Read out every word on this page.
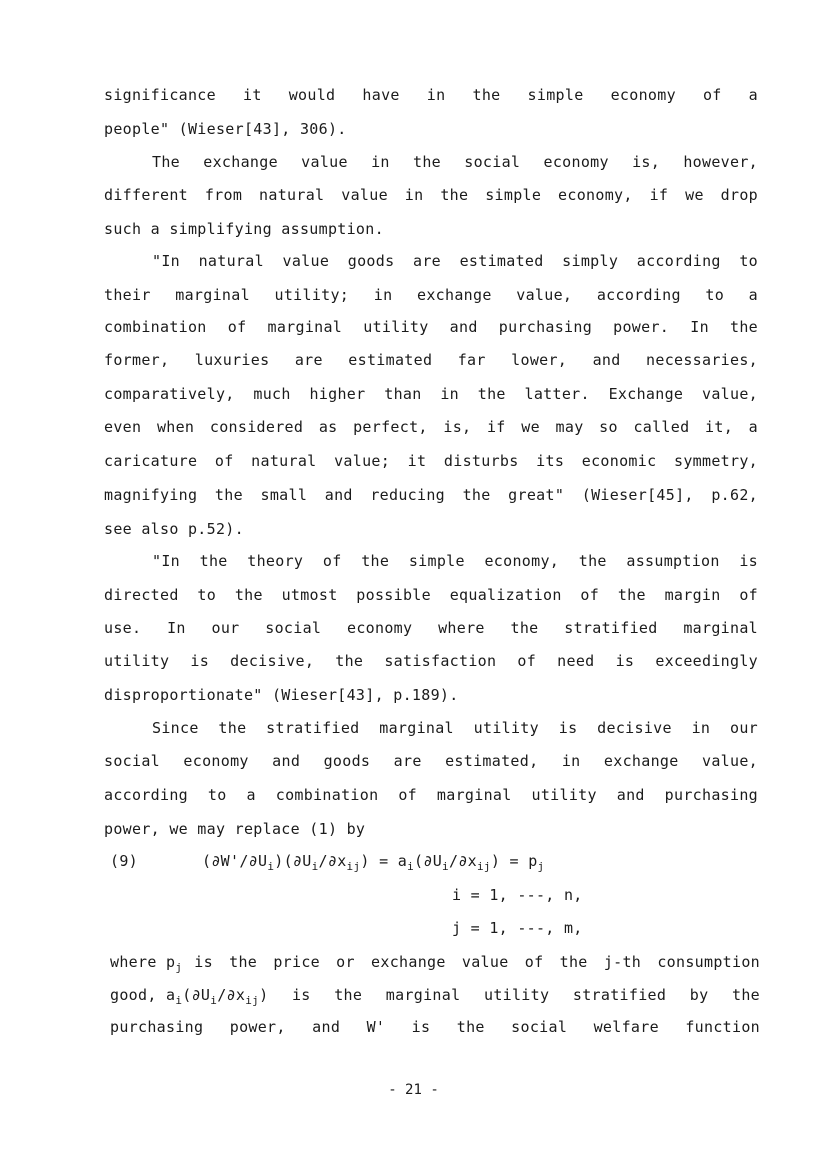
significance it would have in the simple economy of a
people" (Wieser[43], 306).
The exchange value in the social economy is, however,
different from natural value in the simple economy, if we drop
such a simplifying assumption.
"In natural value goods are estimated simply according to
their marginal utility; in exchange value, according to a
combination of marginal utility and purchasing power. In the
former, luxuries are estimated far lower, and necessaries,
comparatively, much higher than in the latter. Exchange value,
even when considered as perfect, is, if we may so called it, a
caricature of natural value; it disturbs its economic symmetry,
magnifying the small and reducing the great" (Wieser[45], p.62,
see also p.52).
"In the theory of the simple economy, the assumption is
directed to the utmost possible equalization of the margin of
use. In our social economy where the stratified marginal
utility is decisive, the satisfaction of need is exceedingly
disproportionate" (Wieser[43], p.189).
Since the stratified marginal utility is decisive in our
social economy and goods are estimated, in exchange value,
according to a combination of marginal utility and purchasing
power, we may replace (1) by
(9)	$(\partial W'/\partial U_i)(\partial U_i/\partial x_{ij}) = a_i(\partial U_i/\partial x_{ij}) = p_j$
i = 1, ---, n,
j = 1, ---, m,
where $p_j$ is the price or exchange value of the j-th consumption
good, $a_i(\partial U_i/\partial x_{ij}$ ) is the marginal utility stratified by the
purchasing power, and W' is the social welfare function
- 21 -
